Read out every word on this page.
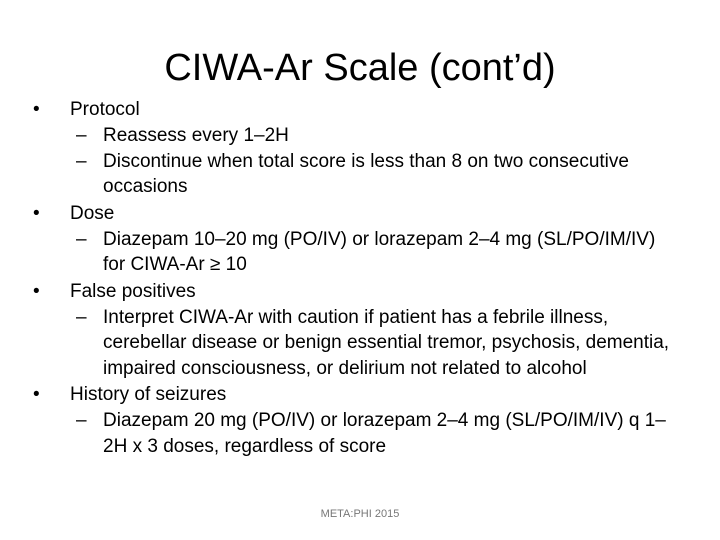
CIWA-Ar Scale (cont’d)
•	Protocol
– Reassess every 1–2H
– Discontinue when total score is less than 8 on two consecutive occasions
•	Dose
– Diazepam 10–20 mg (PO/IV) or lorazepam 2–4 mg (SL/PO/IM/IV) for CIWA-Ar ≥ 10
•	False positives
– Interpret CIWA-Ar with caution if patient has a febrile illness, cerebellar disease or benign essential tremor, psychosis, dementia, impaired consciousness, or delirium not related to alcohol
•	History of seizures
– Diazepam 20 mg (PO/IV) or lorazepam 2–4 mg (SL/PO/IM/IV) q 1–2H x 3 doses, regardless of score
META:PHI 2015
